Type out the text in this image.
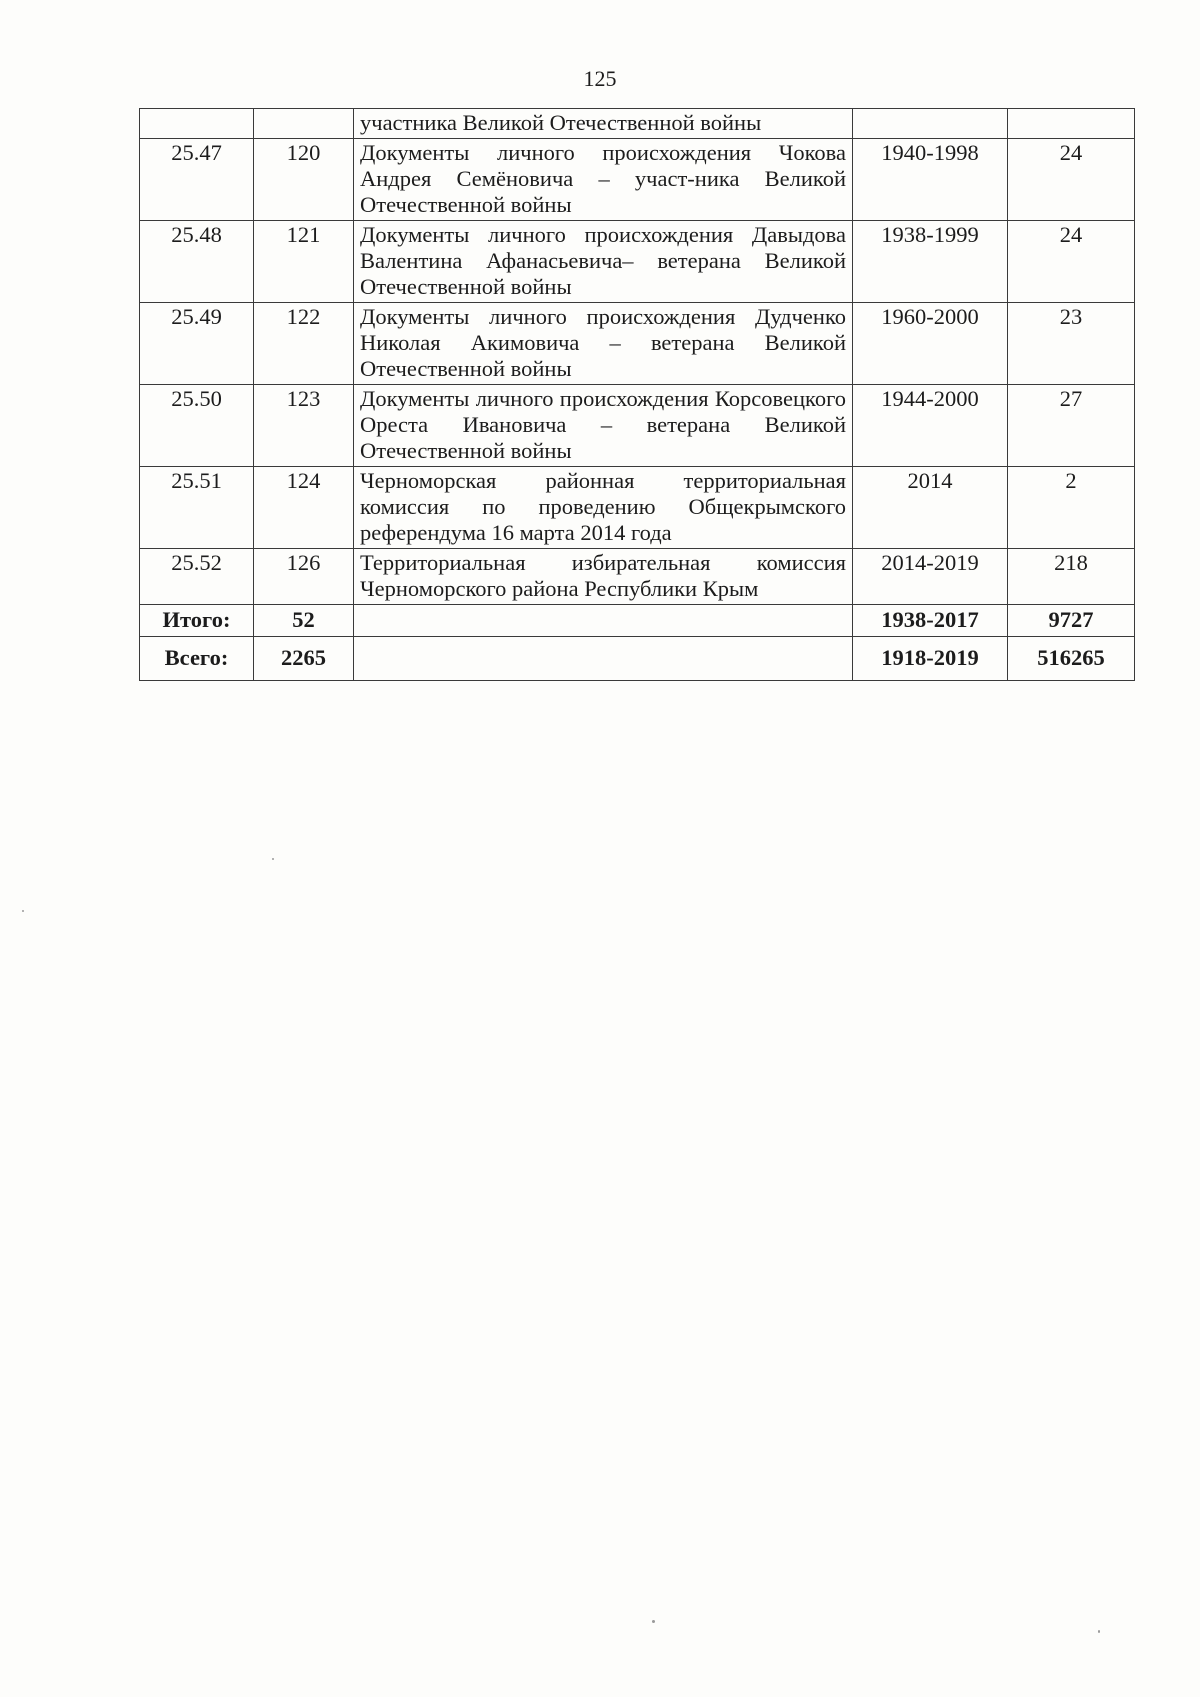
125
		участника Великой Отечественной войны		
25.47	120	Документы личного происхождения Чокова Андрея Семёновича – участ-ника Великой Отечественной войны	1940-1998	24
25.48	121	Документы личного происхождения Давыдова Валентина Афанасьевича– ветерана Великой Отечественной войны	1938-1999	24
25.49	122	Документы личного происхождения Дудченко Николая Акимовича – ветерана Великой Отечественной войны	1960-2000	23
25.50	123	Документы личного происхождения Корсовецкого Ореста Ивановича – ветерана Великой Отечественной войны	1944-2000	27
25.51	124	Черноморская районная территориальная комиссия по проведению Общекрымского референдума 16 марта 2014 года	2014	2
25.52	126	Территориальная избирательная комиссия Черноморского района Республики Крым	2014-2019	218
Итого:	52		1938-2017	9727
Всего:	2265		1918-2019	516265
